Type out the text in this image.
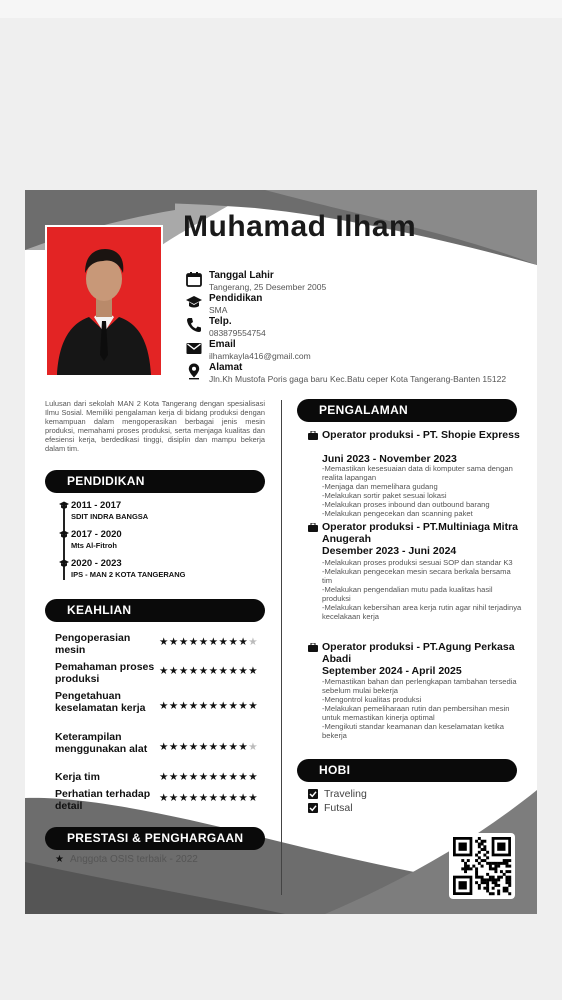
Muhamad Ilham
Tanggal Lahir
Tangerang, 25 Desember 2005
Pendidikan
SMA
Telp.
083879554754
Email
ilhamkayla416@gmail.com
Alamat
Jln.Kh Mustofa Poris gaga baru Kec.Batu ceper Kota Tangerang-Banten 15122
Lulusan dari sekolah MAN 2 Kota Tangerang dengan spesialisasi Ilmu Sosial. Memiliki pengalaman kerja di bidang produksi dengan kemampuan dalam mengoperasikan berbagai jenis mesin produksi, memahami proses produksi, serta menjaga kualitas dan efesiensi kerja, berdedikasi tinggi, disiplin dan mampu bekerja dalam tim.
PENDIDIKAN
2011 - 2017
SDIT INDRA BANGSA
2017 - 2020
Mts Al-Fitroh
2020 - 2023
IPS - MAN 2 KOTA TANGERANG
KEAHLIAN
Pengoperasian mesin
★★★★★★★★★★
Pemahaman proses produksi
★★★★★★★★★★
Pengetahuan keselamatan kerja	★★★★★★★★★★
Keterampilan menggunakan alat	★★★★★★★★★★
Kerja tim	★★★★★★★★★★
Perhatian terhadap detail
★★★★★★★★★★
PRESTASI & PENGHARGAAN
★ Anggota OSIS terbaik - 2022
PENGALAMAN
Operator produksi - PT. Shopie Express
Juni 2023 - November 2023
-Memastikan kesesuaian data di komputer sama dengan realita lapangan
-Menjaga dan memelihara gudang
-Melakukan sortir paket sesuai lokasi
-Melakukan proses inbound dan outbound barang
-Melakukan pengecekan dan scanning paket
Operator produksi - PT.Multiniaga Mitra Anugerah
Desember 2023 - Juni 2024
-Melakukan proses produksi sesuai SOP dan standar K3
-Melakukan pengecekan mesin secara berkala bersama tim
-Melakukan pengendalian mutu pada kualitas hasil produksi
-Melakukan kebersihan area kerja rutin agar nihil terjadinya kecelakaan kerja
Operator produksi - PT.Agung Perkasa Abadi
September 2024 - April 2025
-Memastikan bahan dan perlengkapan tambahan tersedia sebelum mulai bekerja
-Mengontrol kualitas produksi
-Melakukan pemeliharaan rutin dan pembersihan mesin untuk memastikan kinerja optimal
-Mengikuti standar keamanan dan keselamatan ketika bekerja
HOBI
Traveling
Futsal
